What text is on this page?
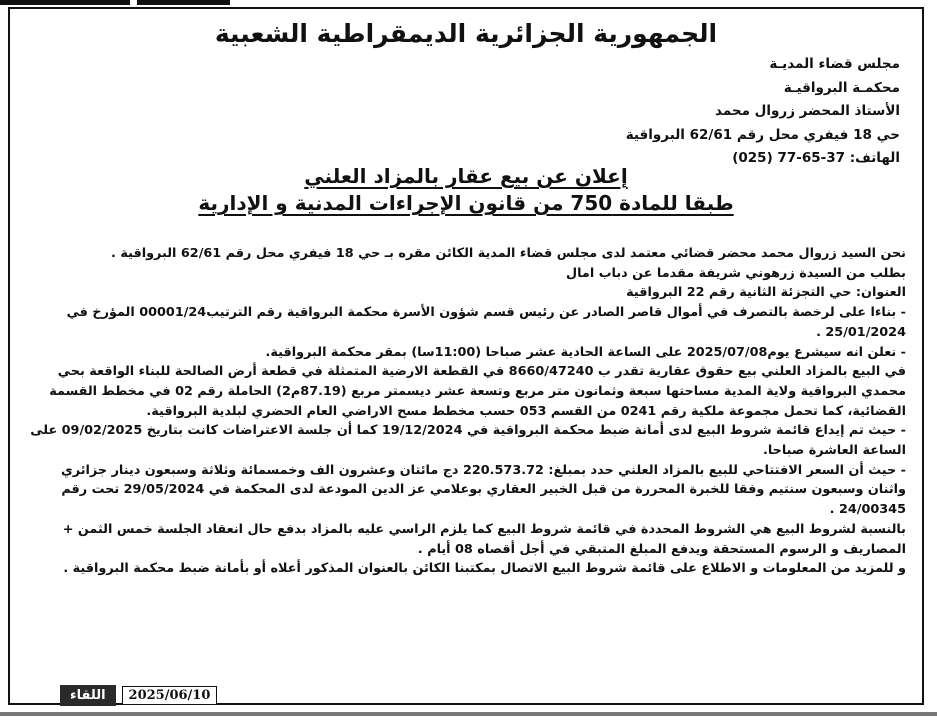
الجمهورية الجزائرية الديمقراطية الشعبية
مجلس قضاء المديـة
محكمـة البرواقيـة
الأستاذ المحضر زروال محمد
حي 18 فيفري محل رقم 62/61 البرواقية
الهاتف: 37-65-77 (025)
إعلان عن بيع عقار بالمزاد العلني
طبقا للمادة 750 من قانون الإجراءات المدنية و الإدارية

نحن السيد زروال محمد محضر قضائي معتمد لدى مجلس قضاء المدية الكائن مقره بـ حي 18 فيفري محل رقم 62/61 البرواقية .

بطلب من السيدة زرهوني شريفة مقدما عن دباب امال

العنوان: حي التجزئة الثانية رقم 22 البرواقية

- بناءا على لرخصة بالتصرف في أموال قاصر الصادر عن رئيس قسم شؤون الأسرة محكمة البرواقية رقم الترتيب00001/24 المؤرخ في 25/01/2024 .

- نعلن انه سيشرع يوم2025/07/08 على الساعة الحادية عشر صباحا (11:00سا) بمقر محكمة البرواقية.

في البيع بالمزاد العلني بيع حقوق عقارية تقدر ب 8660/47240 في القطعة الارضية المتمثلة في قطعة أرض الصالحة للبناء الواقعة بحي محمدي البرواقية ولاية المدية مساحتها سبعة وثمانون متر مربع وتسعة عشر ديسمتر مربع (87.19م2) الحاملة رقم 02 في مخطط القسمة القضائية، كما تحمل مجموعة ملكية رقم 0241 من القسم 053 حسب مخطط مسح الاراضي العام الحضري لبلدية البرواقية.

- حيث تم إيداع قائمة شروط البيع لدى أمانة ضبط محكمة البرواقية في 19/12/2024 كما أن جلسة الاعتراضات كانت بتاريخ 09/02/2025 على الساعة العاشرة صباحا.

- حيث أن السعر الافتتاحي للبيع بالمزاد العلني حدد بمبلغ: 220.573.72 دج مائتان وعشرون الف وخمسمائة وثلاثة وسبعون دينار جزائري واثنان وسبعون سنتيم وفقا للخبرة المحررة من قبل الخبير العقاري بوعلامي عز الدين المودعة لدى المحكمة في 29/05/2024 تحت رقم 24/00345 .

بالنسبة لشروط البيع هي الشروط المحددة في قائمة شروط البيع كما يلزم الراسي عليه بالمزاد بدفع حال انعقاد الجلسة خمس الثمن + المصاريف و الرسوم المستحقة ويدفع المبلغ المتبقي في أجل أقصاه 08 أيام .

و للمزيد من المعلومات و الاطلاع على قائمة شروط البيع الاتصال بمكتبنا الكائن بالعنوان المذكور أعلاه أو بأمانة ضبط محكمة البرواقية .

اللقاء	2025/06/10
